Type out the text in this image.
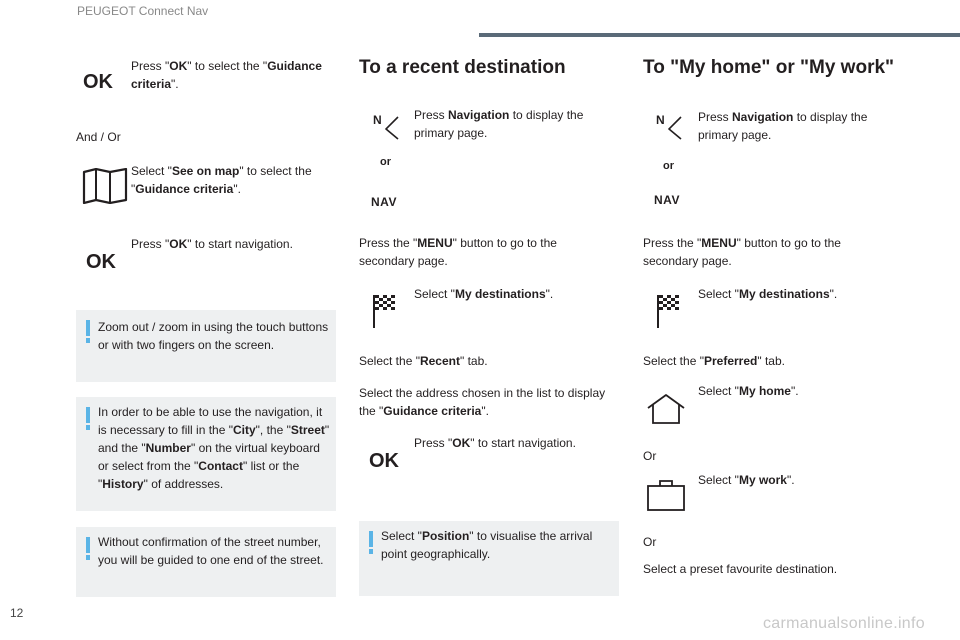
PEUGEOT Connect Nav
OK
Press "OK" to select the "Guidance criteria".
And / Or
Select "See on map" to select the "Guidance criteria".
OK
Press "OK" to start navigation.
Zoom out / zoom in using the touch buttons or with two fingers on the screen.
In order to be able to use the navigation, it is necessary to fill in the "City", the "Street" and the "Number" on the virtual keyboard or select from the "Contact" list or the "History" of addresses.
Without confirmation of the street number, you will be guided to one end of the street.
To a recent destination
N
or
NAV
Press Navigation to display the primary page.
Press the "MENU" button to go to the secondary page.
Select "My destinations".
Select the "Recent" tab.
Select the address chosen in the list to display the "Guidance criteria".
OK
Press "OK" to start navigation.
Select "Position" to visualise the arrival point geographically.
To "My home" or "My work"
N
or
NAV
Press Navigation to display the primary page.
Press the "MENU" button to go to the secondary page.
Select "My destinations".
Select the "Preferred" tab.
Select "My home".
Or
Select "My work".
Or
Select a preset favourite destination.
12
carmanualsonline.info
